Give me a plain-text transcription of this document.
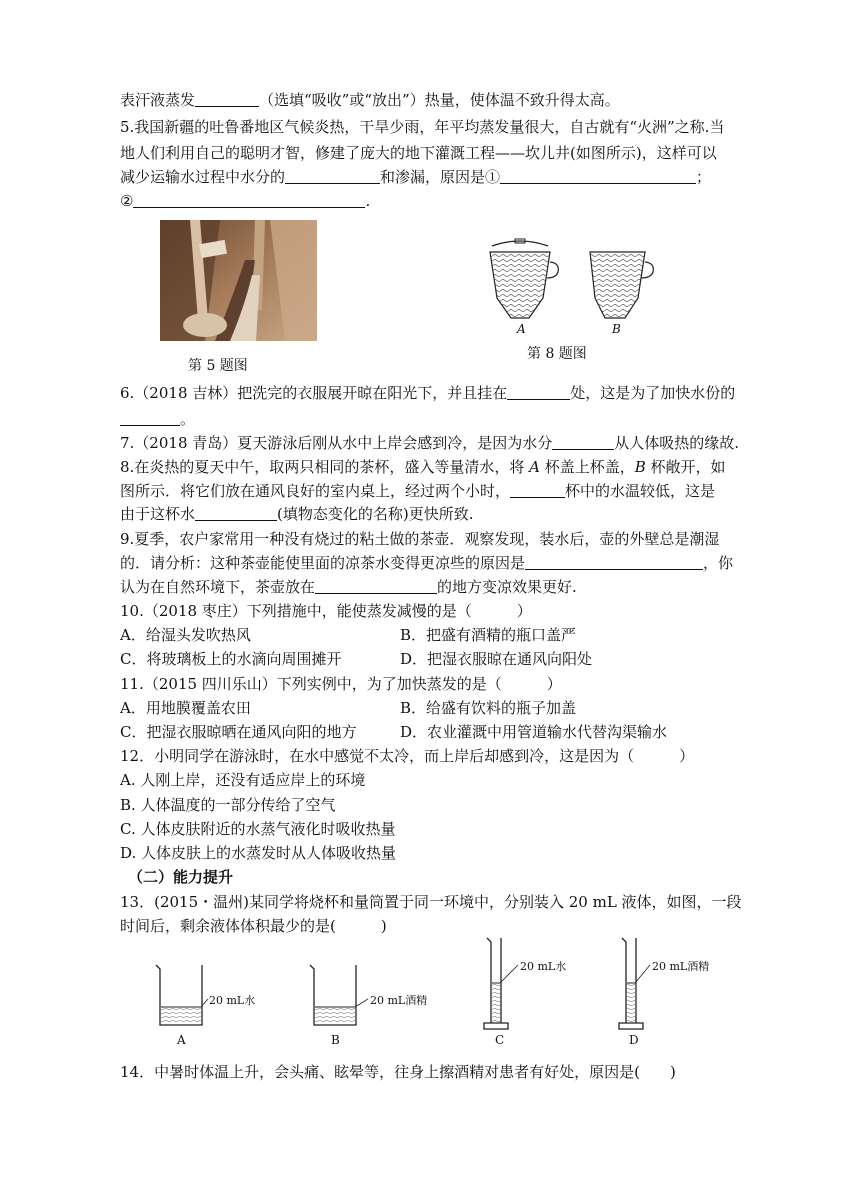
表汗液蒸发	（选填“吸收”或“放出”）热量，使体温不致升得太高。
5.我国新疆的吐鲁番地区气候炎热，干旱少雨，年平均蒸发量很大，自古就有“火洲”之称.当
地人们利用自己的聪明才智，修建了庞大的地下灌溉工程——坎儿井(如图所示)，这样可以
减少运输水过程中水分的	和渗漏，原因是①	；
②	.
第 5 题图
A	B
第 8 题图
6.（2018 吉林）把洗完的衣服展开晾在阳光下，并且挂在	处，这是为了加快水份的
。
7.（2018 青岛）夏天游泳后刚从水中上岸会感到冷，是因为水分	从人体吸热的缘故.
8.在炎热的夏天中午，取两只相同的茶杯，盛入等量清水，将 A 杯盖上杯盖，B 杯敞开，如
图所示．将它们放在通风良好的室内桌上，经过两个小时，	杯中的水温较低，这是
由于这杯水	(填物态变化的名称)更快所致.
9.夏季，农户家常用一种没有烧过的粘土做的茶壶．观察发现，装水后，壶的外壁总是潮湿
的．请分析：这种茶壶能使里面的凉茶水变得更凉些的原因是	，你
认为在自然环境下，茶壶放在	的地方变凉效果更好.
10.（2018 枣庄）下列措施中，能使蒸发减慢的是（　　　）
A．给湿头发吹热风	B．把盛有酒精的瓶口盖严
C．将玻璃板上的水滴向周围摊开	D．把湿衣服晾在通风向阳处
11.（2015 四川乐山）下列实例中，为了加快蒸发的是（　　　）
A．用地膜覆盖农田	B．给盛有饮料的瓶子加盖
C．把湿衣服晾晒在通风向阳的地方	D．农业灌溉中用管道输水代替沟渠输水
12．小明同学在游泳时，在水中感觉不太冷，而上岸后却感到冷，这是因为（　　　）
A. 人刚上岸，还没有适应岸上的环境
B. 人体温度的一部分传给了空气
C. 人体皮肤附近的水蒸气液化时吸收热量
D. 人体皮肤上的水蒸发时从人体吸收热量
（二）能力提升
13．(2015・温州)某同学将烧杯和量筒置于同一环境中，分别装入 20 mL 液体，如图，一段
时间后，剩余液体体积最少的是(　　　)
20 mL水	20 mL酒精
20 mL水	20 mL酒精
A	B	C	D
14．中暑时体温上升，会头痛、眩晕等，往身上擦酒精对患者有好处，原因是(　　)
